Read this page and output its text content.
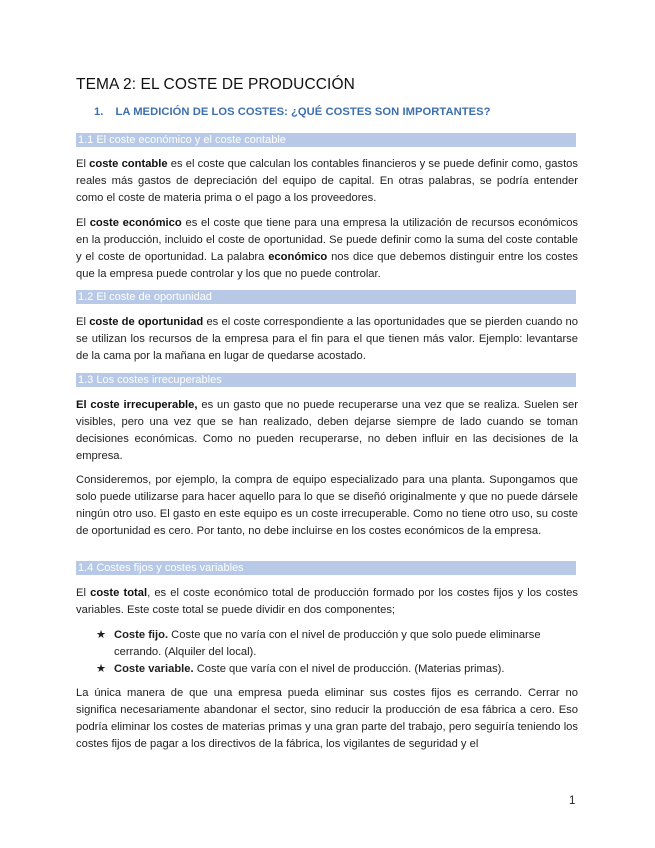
TEMA 2: EL COSTE DE PRODUCCIÓN
1. LA MEDICIÓN DE LOS COSTES: ¿QUÉ COSTES SON IMPORTANTES?
1.1 El coste económico y el coste contable
El coste contable es el coste que calculan los contables financieros y se puede definir como, gastos reales más gastos de depreciación del equipo de capital. En otras palabras, se podría entender como el coste de materia prima o el pago a los proveedores.
El coste económico es el coste que tiene para una empresa la utilización de recursos económicos en la producción, incluido el coste de oportunidad. Se puede definir como la suma del coste contable y el coste de oportunidad. La palabra económico nos dice que debemos distinguir entre los costes que la empresa puede controlar y los que no puede controlar.
1.2 El coste de oportunidad
El coste de oportunidad es el coste correspondiente a las oportunidades que se pierden cuando no se utilizan los recursos de la empresa para el fin para el que tienen más valor. Ejemplo: levantarse de la cama por la mañana en lugar de quedarse acostado.
1.3 Los costes irrecuperables
El coste irrecuperable, es un gasto que no puede recuperarse una vez que se realiza. Suelen ser visibles, pero una vez que se han realizado, deben dejarse siempre de lado cuando se toman decisiones económicas. Como no pueden recuperarse, no deben influir en las decisiones de la empresa.
Consideremos, por ejemplo, la compra de equipo especializado para una planta. Supongamos que solo puede utilizarse para hacer aquello para lo que se diseñó originalmente y que no puede dársele ningún otro uso. El gasto en este equipo es un coste irrecuperable. Como no tiene otro uso, su coste de oportunidad es cero. Por tanto, no debe incluirse en los costes económicos de la empresa.
1.4 Costes fijos y costes variables
El coste total, es el coste económico total de producción formado por los costes fijos y los costes variables. Este coste total se puede dividir en dos componentes;
★ Coste fijo. Coste que no varía con el nivel de producción y que solo puede eliminarse cerrando. (Alquiler del local).
★ Coste variable. Coste que varía con el nivel de producción. (Materias primas).
La única manera de que una empresa pueda eliminar sus costes fijos es cerrando. Cerrar no significa necesariamente abandonar el sector, sino reducir la producción de esa fábrica a cero. Eso podría eliminar los costes de materias primas y una gran parte del trabajo, pero seguiría teniendo los costes fijos de pagar a los directivos de la fábrica, los vigilantes de seguridad y el
1
